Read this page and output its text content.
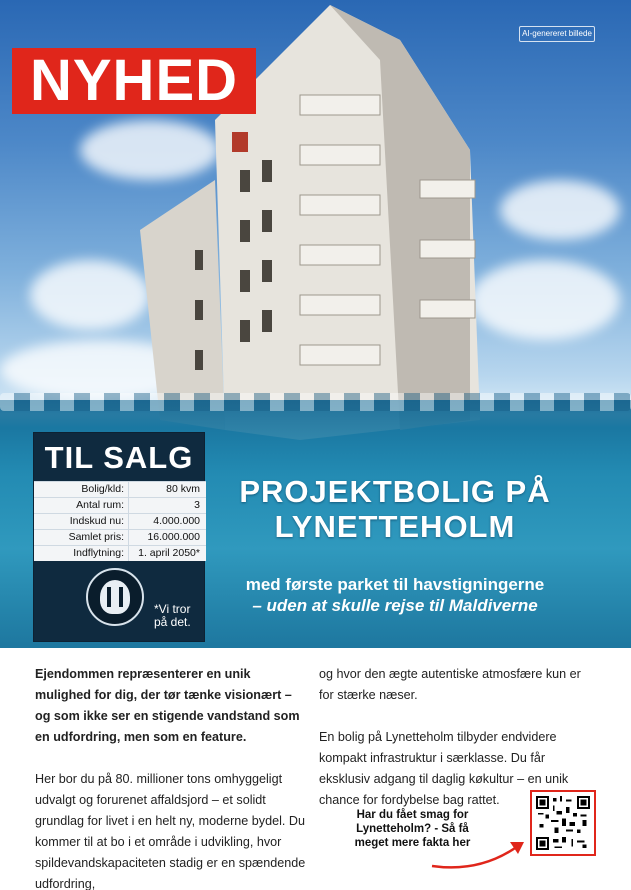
AI-genereret billede
NYHED
TIL SALG
Bolig/kld:	80 kvm
Antal rum:	3
Indskud nu:	4.000.000
Samlet pris:	16.000.000
Indflytning:	1. april 2050*
*Vi tror på det.
PROJEKTBOLIG PÅ
LYNETTEHOLM
med første parket til havstigningerne
– uden at skulle rejse til Maldiverne

Ejendommen repræsenterer en unik mulighed for dig, der tør tænke visionært – og som ikke ser en stigende vandstand som en udfordring, men som en feature.

Her bor du på 80. millioner tons omhyggeligt udvalgt og forurenet affaldsjord – et solidt grundlag for livet i en helt ny, moderne bydel. Du kommer til at bo i et område i udvikling, hvor spildevandskapaciteten stadig er en spændende udfordring,

og hvor den ægte autentiske atmosfære kun er for stærke næser.

En bolig på Lynetteholm tilbyder endvidere kompakt infrastruktur i særklasse. Du får eksklusiv adgang til daglig køkultur – en unik chance for fordybelse bag rattet.

Har du fået smag for Lynetteholm? - Så få meget mere fakta her
